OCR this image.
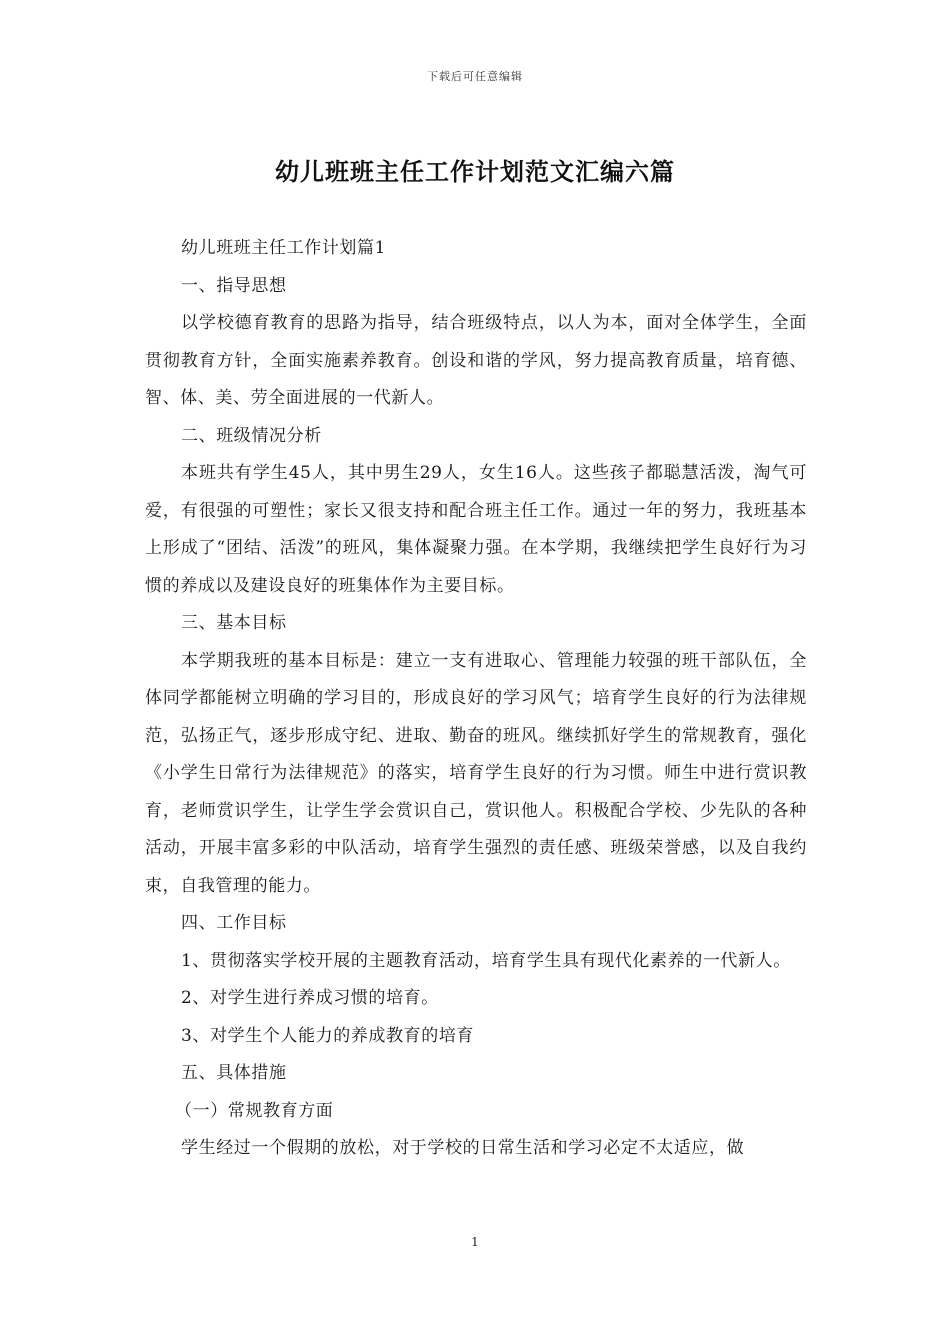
下载后可任意编辑
幼儿班班主任工作计划范文汇编六篇

幼儿班班主任工作计划篇1

一、指导思想

以学校德育教育的思路为指导，结合班级特点，以人为本，面对全体学生，全面贯彻教育方针，全面实施素养教育。创设和谐的学风，努力提高教育质量，培育德、智、体、美、劳全面进展的一代新人。

二、班级情况分析

本班共有学生45人，其中男生29人，女生16人。这些孩子都聪慧活泼，淘气可爱，有很强的可塑性；家长又很支持和配合班主任工作。通过一年的努力，我班基本上形成了“团结、活泼”的班风，集体凝聚力强。在本学期，我继续把学生良好行为习惯的养成以及建设良好的班集体作为主要目标。

三、基本目标

本学期我班的基本目标是：建立一支有进取心、管理能力较强的班干部队伍，全体同学都能树立明确的学习目的，形成良好的学习风气；培育学生良好的行为法律规范，弘扬正气，逐步形成守纪、进取、勤奋的班风。继续抓好学生的常规教育，强化《小学生日常行为法律规范》的落实，培育学生良好的行为习惯。师生中进行赏识教育，老师赏识学生，让学生学会赏识自己，赏识他人。积极配合学校、少先队的各种活动，开展丰富多彩的中队活动，培育学生强烈的责任感、班级荣誉感，以及自我约束，自我管理的能力。

四、工作目标

1、贯彻落实学校开展的主题教育活动，培育学生具有现代化素养的一代新人。

2、对学生进行养成习惯的培育。

3、对学生个人能力的养成教育的培育

五、具体措施

（一）常规教育方面

学生经过一个假期的放松，对于学校的日常生活和学习必定不太适应，做

1
